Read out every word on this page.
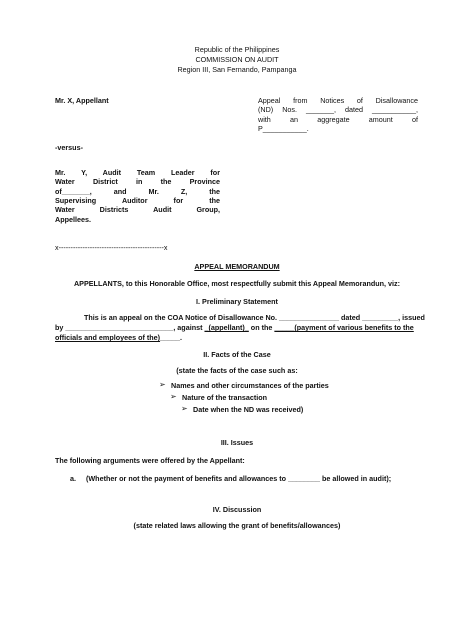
Republic of the Philippines
COMMISSION ON AUDIT
Region III, San Fernando, Pampanga
Mr. X, Appellant	Appeal from Notices of Disallowance
(ND) Nos. _______, dated ___________,
with an aggregate amount of
P___________.
-versus-
Mr. Y, Audit Team Leader for
Water District in the Province
of_______, and Mr. Z, the
Supervising Auditor for the
Water Districts Audit Group,
Appellees.
x--------------------------------------------x
APPEAL MEMORANDUM
APPELLANTS, to this Honorable Office, most respectfully submit this Appeal Memorandun, viz:
I. Preliminary Statement
This is an appeal on the COA Notice of Disallowance No. _______________ dated _________, issued
by ___________________________, against _(appellant)_ on the _____(payment of various benefits to the
officials and employees of the)_____.
II. Facts of the Case
(state the facts of the case such as:
➢ Names and other circumstances of the parties
➢ Nature of the transaction
➢ Date when the ND was received)
III. Issues
The following arguments were offered by the Appellant:
a. (Whether or not the payment of benefits and allowances to ________ be allowed in audit);
IV. Discussion
(state related laws allowing the grant of benefits/allowances)
